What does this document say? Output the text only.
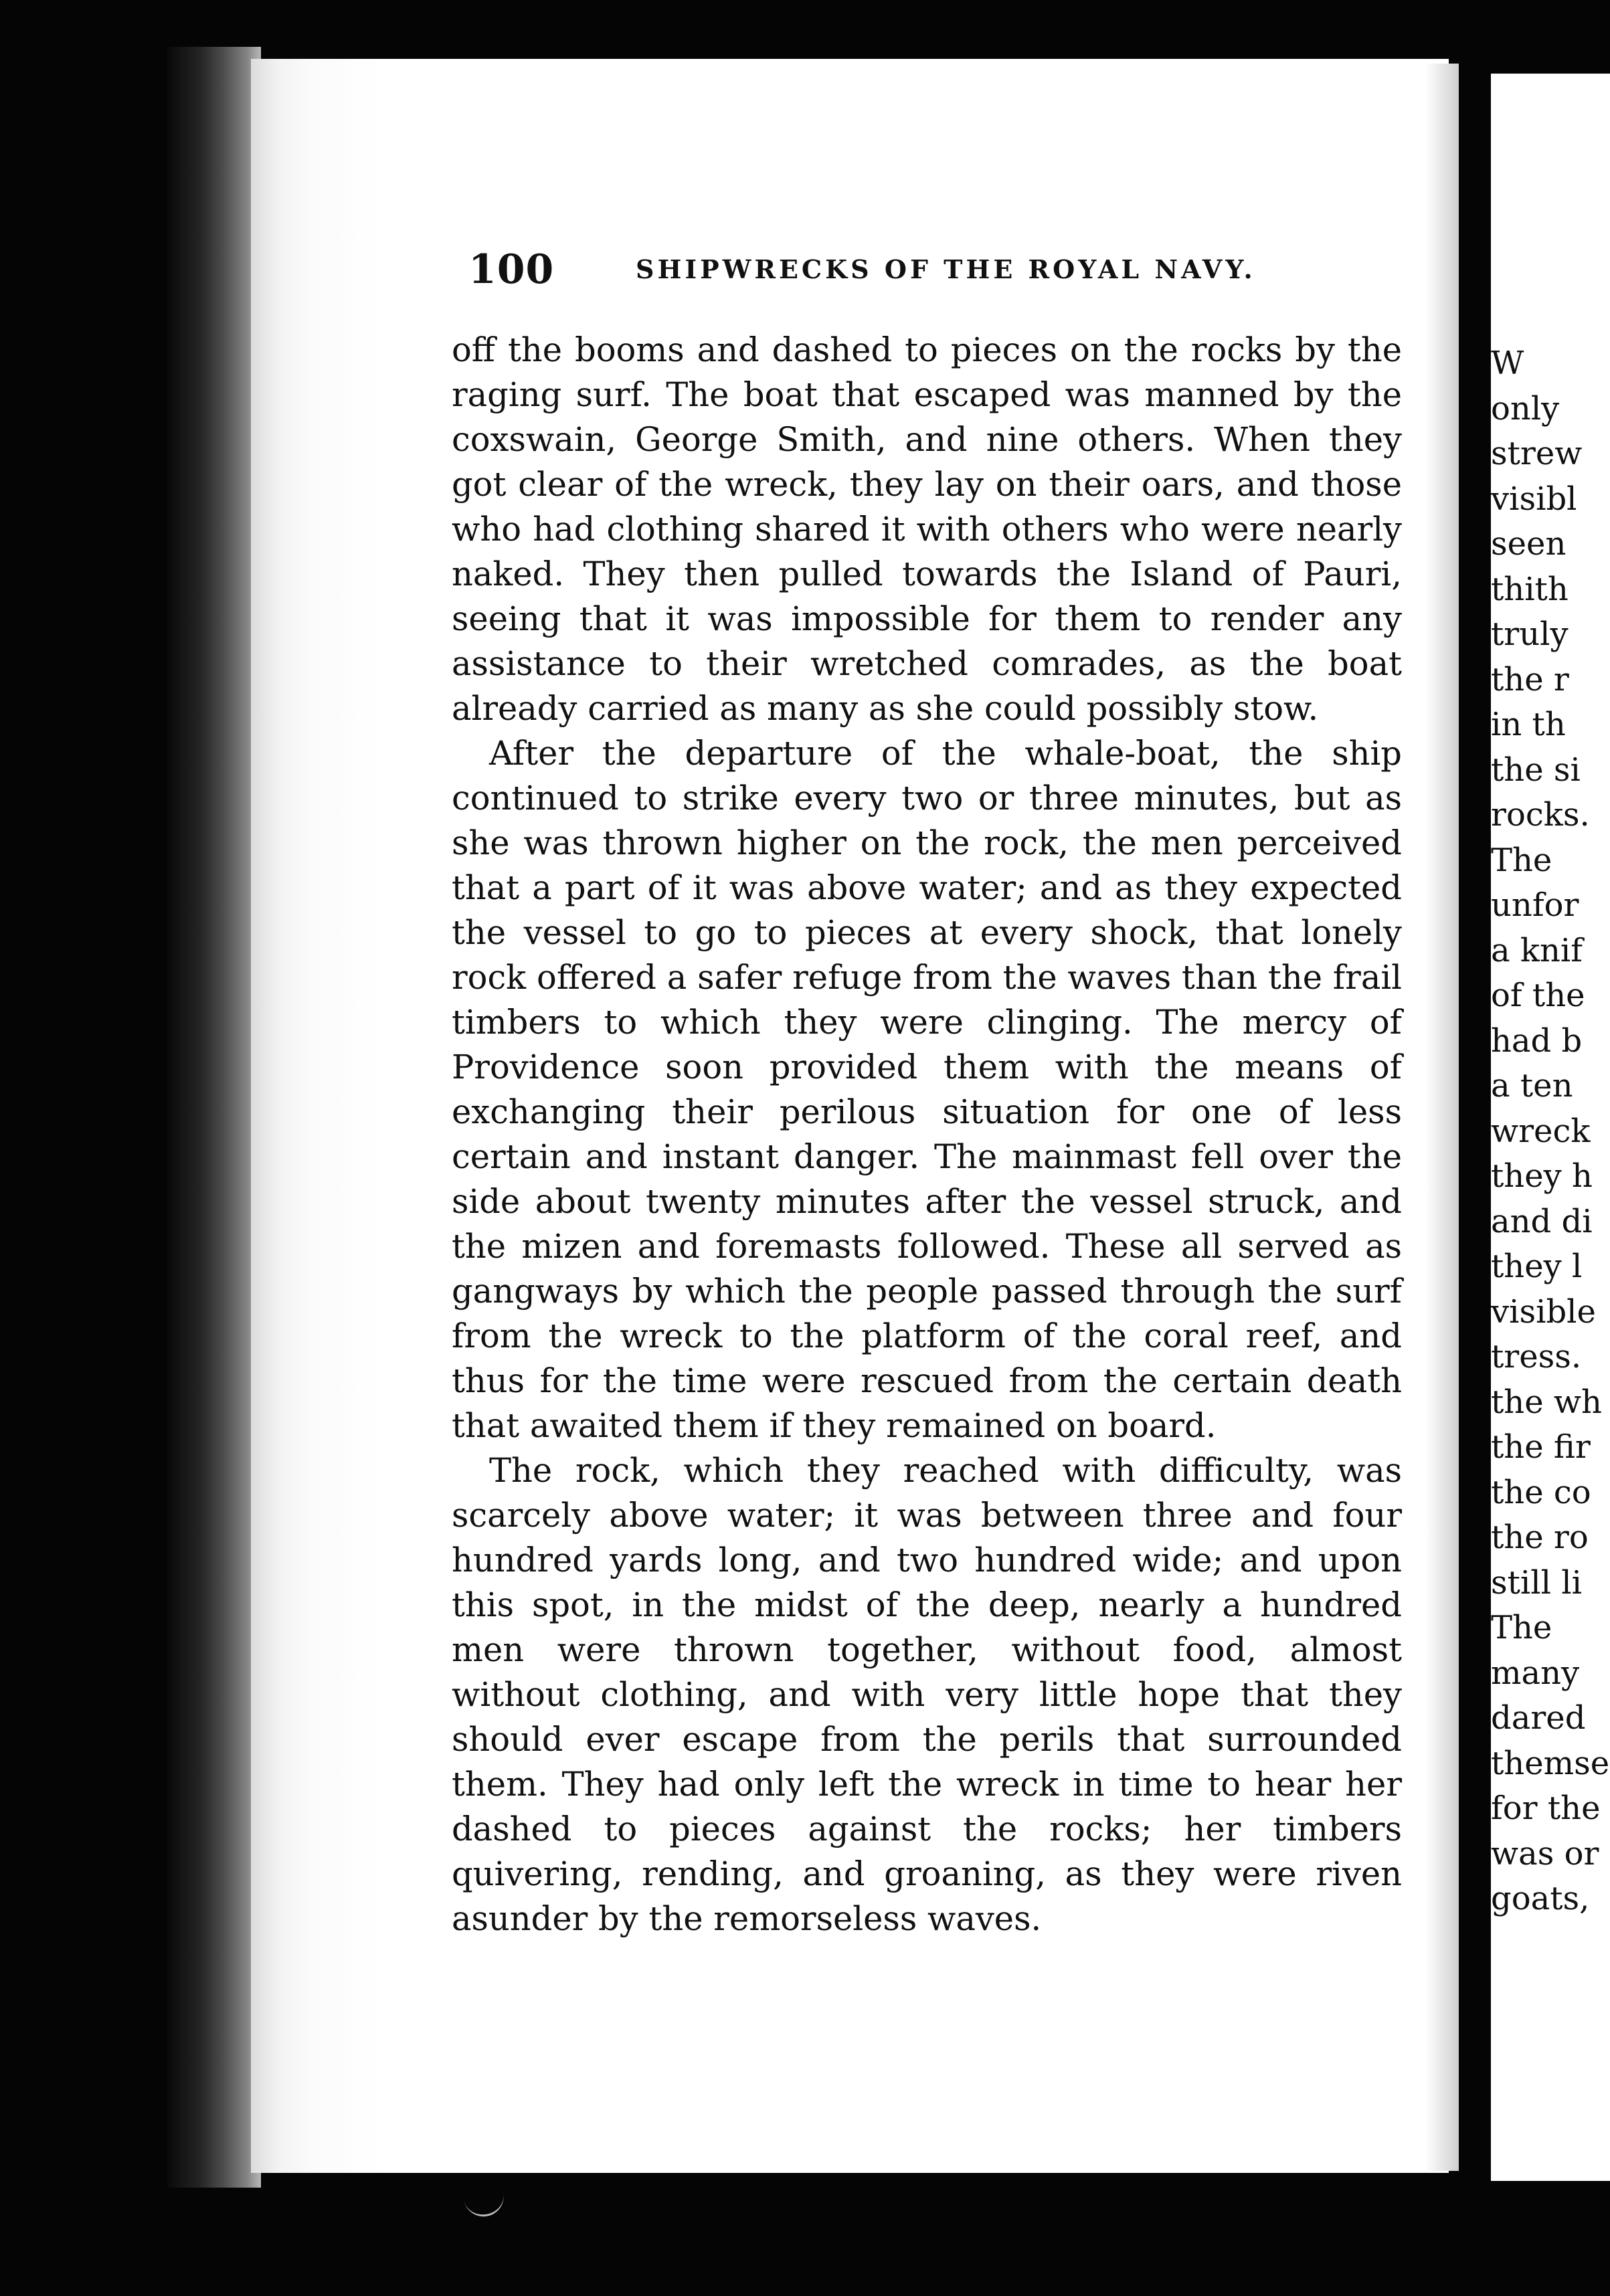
100	SHIPWRECKS OF THE ROYAL NAVY.

off the booms and dashed to pieces on the rocks by the raging surf. The boat that escaped was manned by the coxswain, George Smith, and nine others. When they got clear of the wreck, they lay on their oars, and those who had clothing shared it with others who were nearly naked. They then pulled towards the Island of Pauri, seeing that it was impossible for them to render any assistance to their wretched comrades, as the boat already carried as many as she could possibly stow.

After the departure of the whale-boat, the ship continued to strike every two or three minutes, but as she was thrown higher on the rock, the men perceived that a part of it was above water; and as they expected the vessel to go to pieces at every shock, that lonely rock offered a safer refuge from the waves than the frail timbers to which they were clinging. The mercy of Providence soon provided them with the means of exchanging their perilous situation for one of less certain and instant danger. The mainmast fell over the side about twenty minutes after the vessel struck, and the mizen and foremasts followed. These all served as gangways by which the people passed through the surf from the wreck to the platform of the coral reef, and thus for the time were rescued from the certain death that awaited them if they remained on board.

The rock, which they reached with difficulty, was scarcely above water; it was between three and four hundred yards long, and two hundred wide; and upon this spot, in the midst of the deep, nearly a hundred men were thrown together, without food, almost without clothing, and with very little hope that they should ever escape from the perils that surrounded them. They had only left the wreck in time to hear her dashed to pieces against the rocks; her timbers quivering, rending, and groaning, as they were riven asunder by the remorseless waves.

W
only
strew
visibl
seen
thith
truly
the r
in th
the si
rocks.
The
unfor
a knif
of the
had b
a ten
wreck
they h
and di
they l
visible
tress.
the wh
the fir
the co
the ro
still li
The
many
dared
themse
for the
was or
goats,
